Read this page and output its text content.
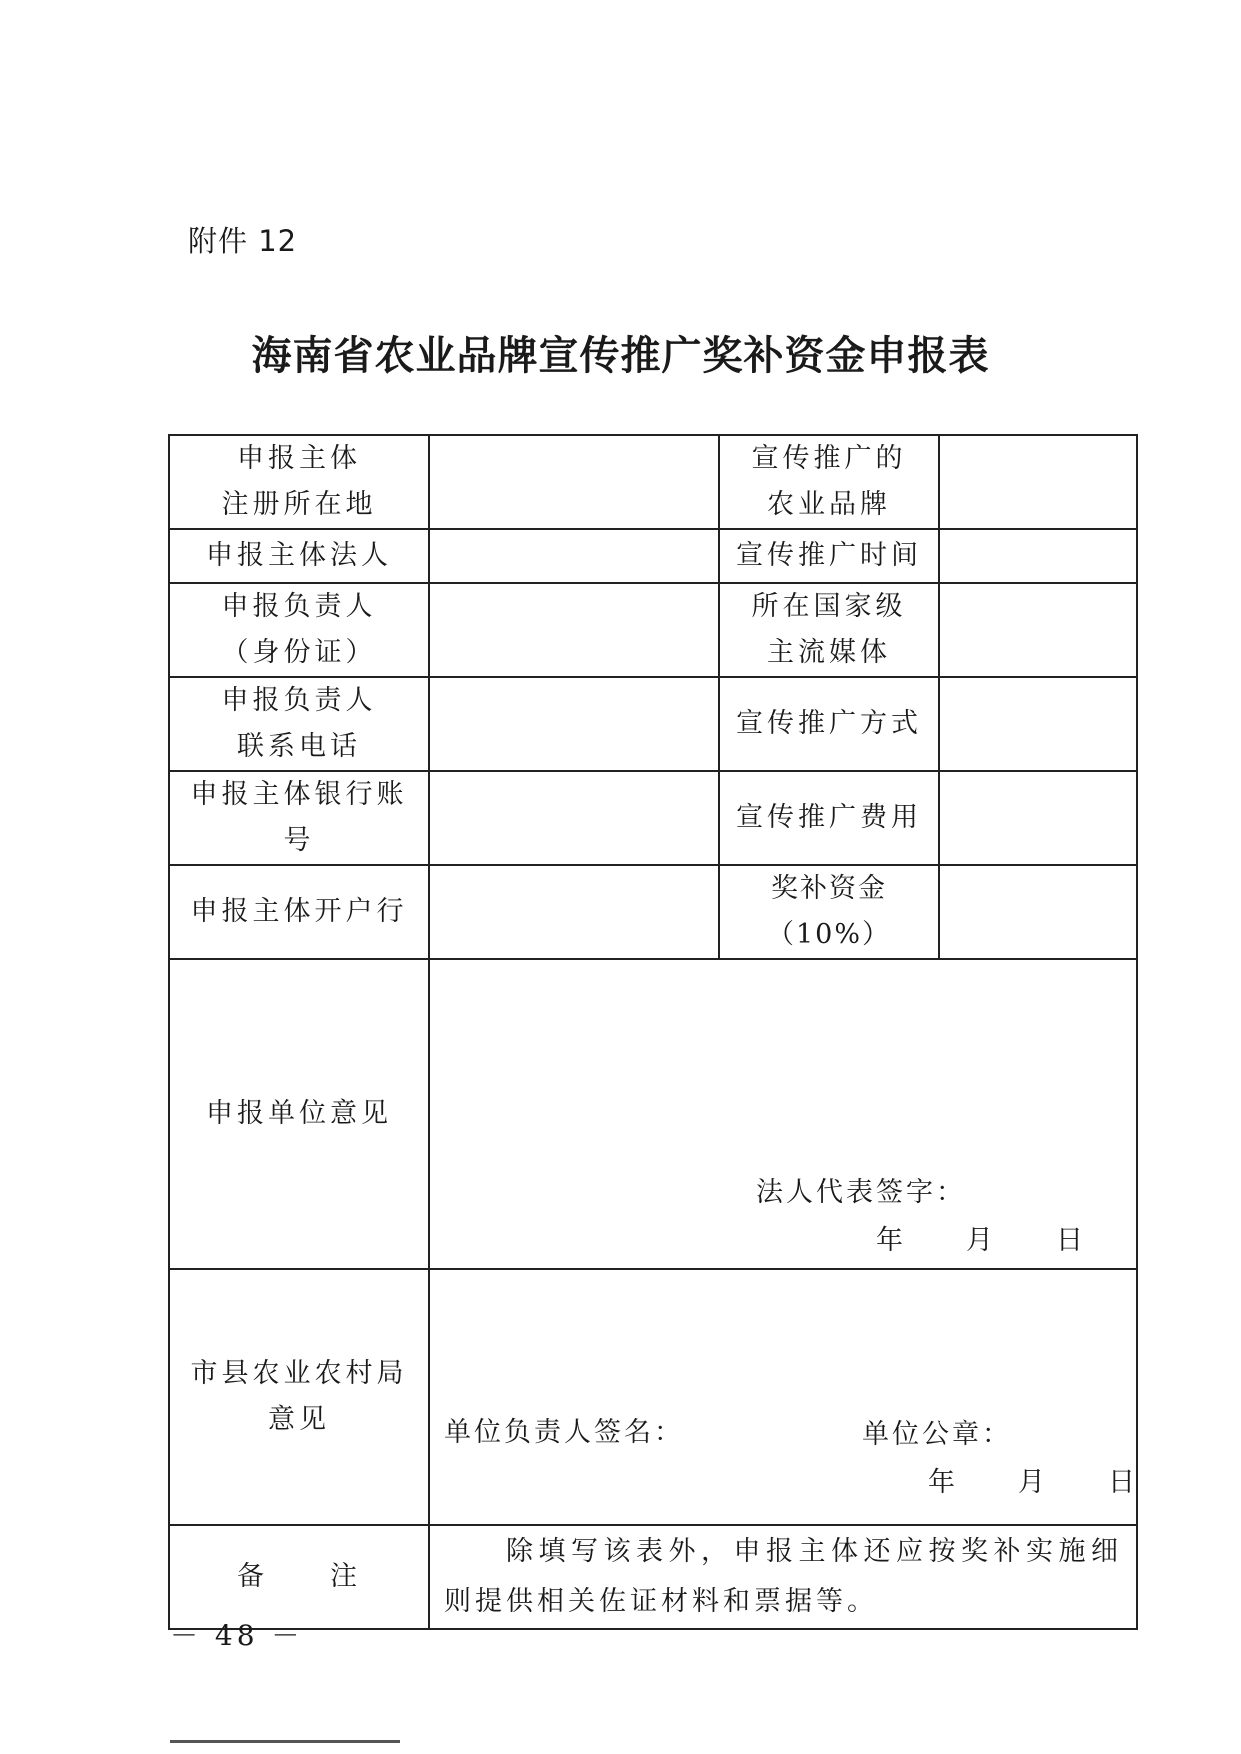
附件 12
海南省农业品牌宣传推广奖补资金申报表
申报主体
注册所在地		宣传推广的
农业品牌	

申报主体法人		宣传推广时间	

申报负责人
（身份证）		所在国家级
主流媒体	

申报负责人
联系电话		宣传推广方式	

申报主体银行账号		宣传推广费用	

申报主体开户行		奖补资金（10%）	

申报单位意见	法人代表签字：
年　　月　　日		

市县农业农村局
意见	单位负责人签名： 单位公章：
年　　月　　日		

备　　注	除填写该表外，申报主体还应按奖补实施细则提供相关佐证材料和票据等。		
－ 48 －
